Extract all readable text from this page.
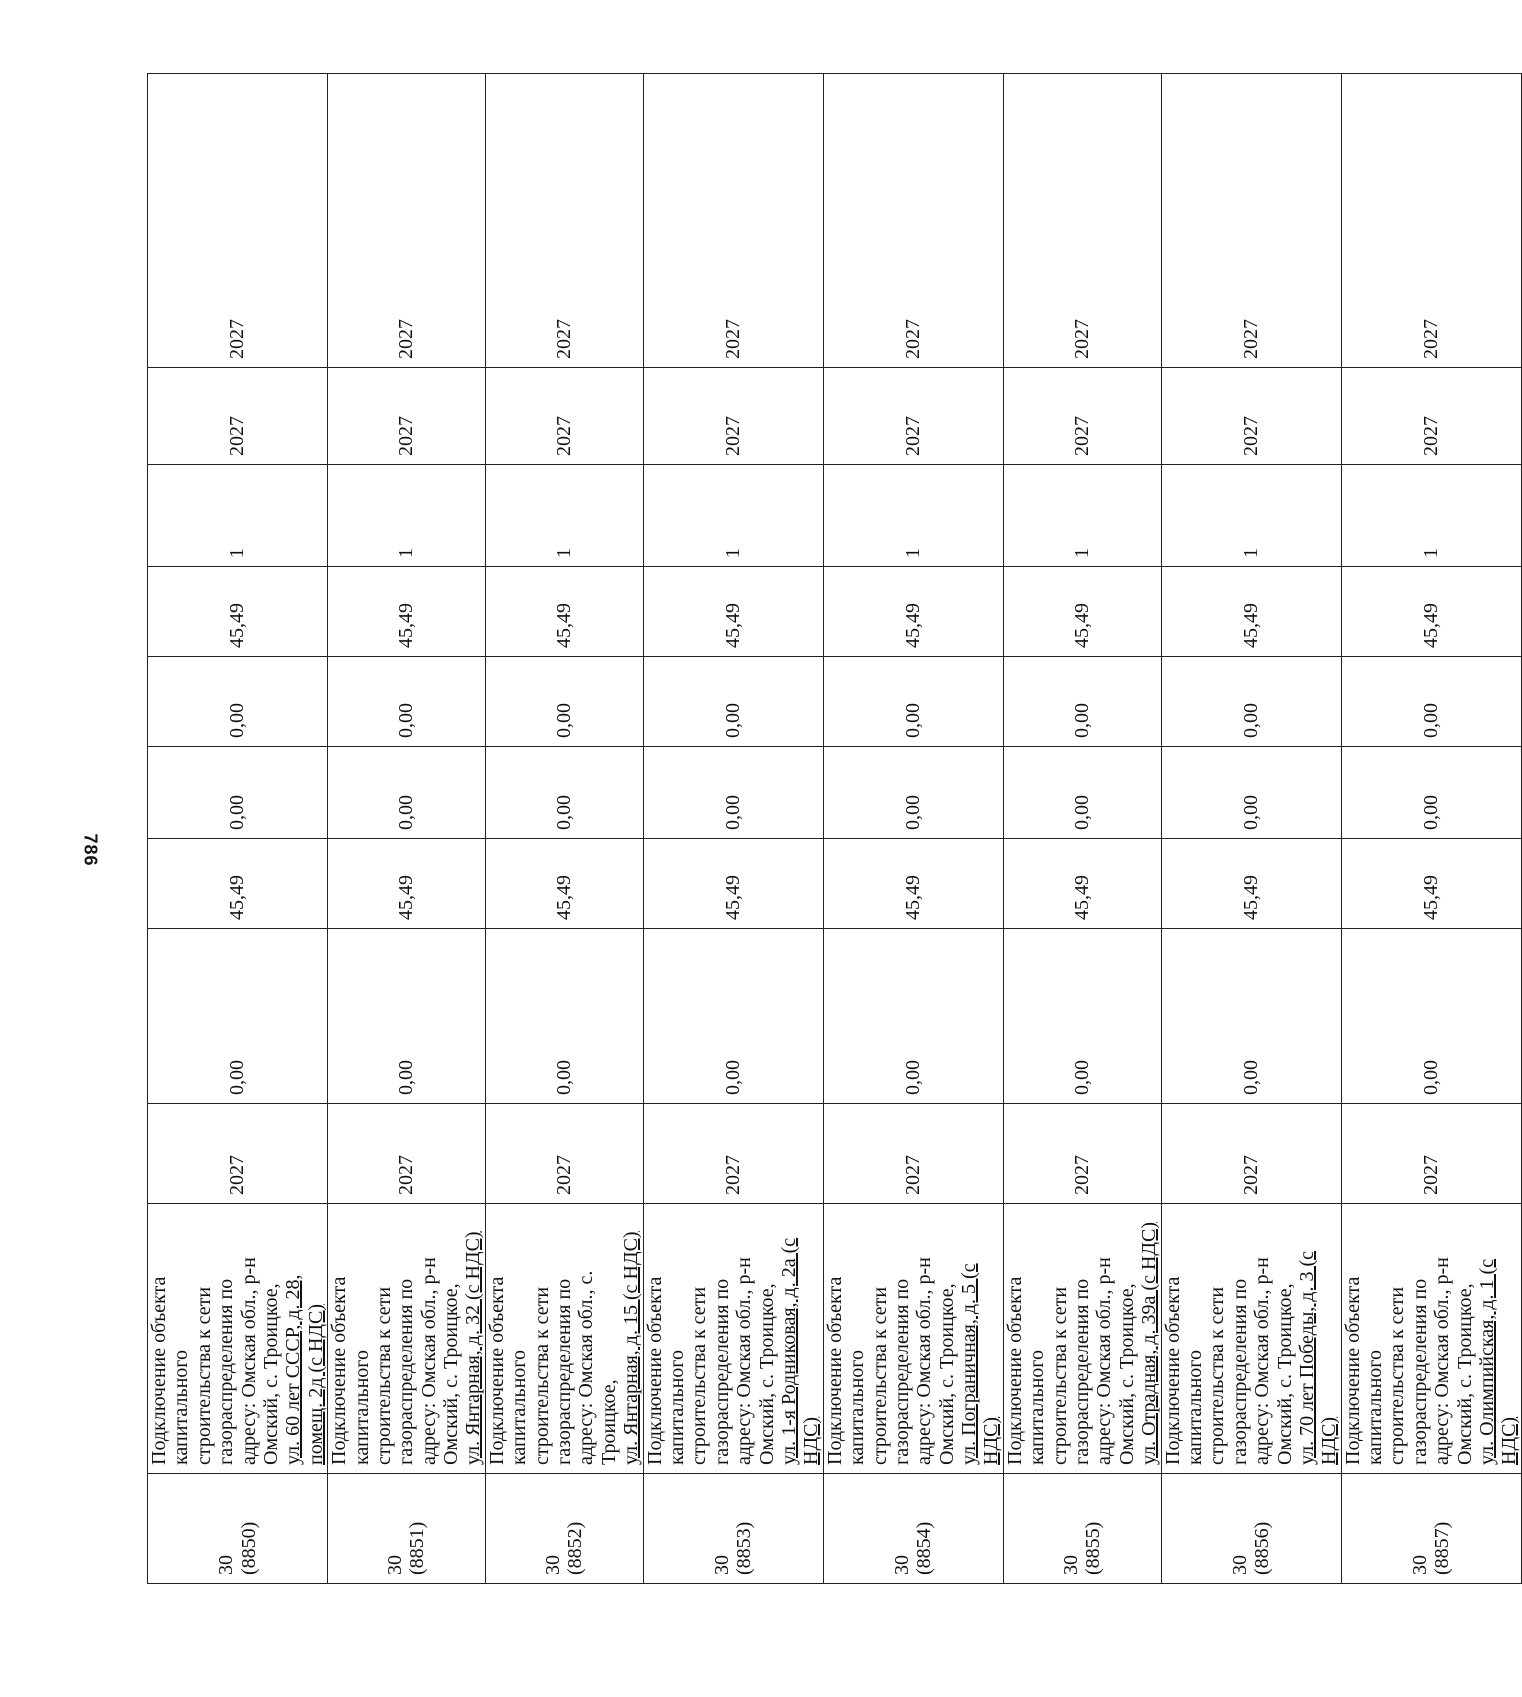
786
30
(8850)	Подключение объекта капитального строительства к сети газораспределения по адресу: Омская обл., р-н Омский, с. Троицкое, ул. 60 лет СССР, д. 28, помещ. 2д (с НДС)	2027	0,00	45,49	0,00	0,00	45,49	1	2027	2027
30
(8851)	Подключение объекта капитального строительства к сети газораспределения по адресу: Омская обл., р-н Омский, с. Троицкое, ул. Янтарная, д. 32 (с НДС)	2027	0,00	45,49	0,00	0,00	45,49	1	2027	2027
30
(8852)	Подключение объекта капитального строительства к сети газораспределения по адресу: Омская обл., с. Троицкое, ул. Янтарная, д. 15 (с НДС)	2027	0,00	45,49	0,00	0,00	45,49	1	2027	2027
30
(8853)	Подключение объекта капитального строительства к сети газораспределения по адресу: Омская обл., р-н Омский, с. Троицкое, ул. 1-я Родниковая, д. 2а (с НДС)	2027	0,00	45,49	0,00	0,00	45,49	1	2027	2027
30
(8854)	Подключение объекта капитального строительства к сети газораспределения по адресу: Омская обл., р-н Омский, с. Троицкое, ул. Пограничная, д. 5 (с НДС)	2027	0,00	45,49	0,00	0,00	45,49	1	2027	2027
30
(8855)	Подключение объекта капитального строительства к сети газораспределения по адресу: Омская обл., р-н Омский, с. Троицкое, ул. Отрадная, д. 39а (с НДС)	2027	0,00	45,49	0,00	0,00	45,49	1	2027	2027
30
(8856)	Подключение объекта капитального строительства к сети газораспределения по адресу: Омская обл., р-н Омский, с. Троицкое, ул. 70 лет Победы, д. 3 (с НДС)	2027	0,00	45,49	0,00	0,00	45,49	1	2027	2027
30
(8857)	Подключение объекта капитального строительства к сети газораспределения по адресу: Омская обл., р-н Омский, с. Троицкое, ул. Олимпийская, д. 1 (с НДС)	2027	0,00	45,49	0,00	0,00	45,49	1	2027	2027
